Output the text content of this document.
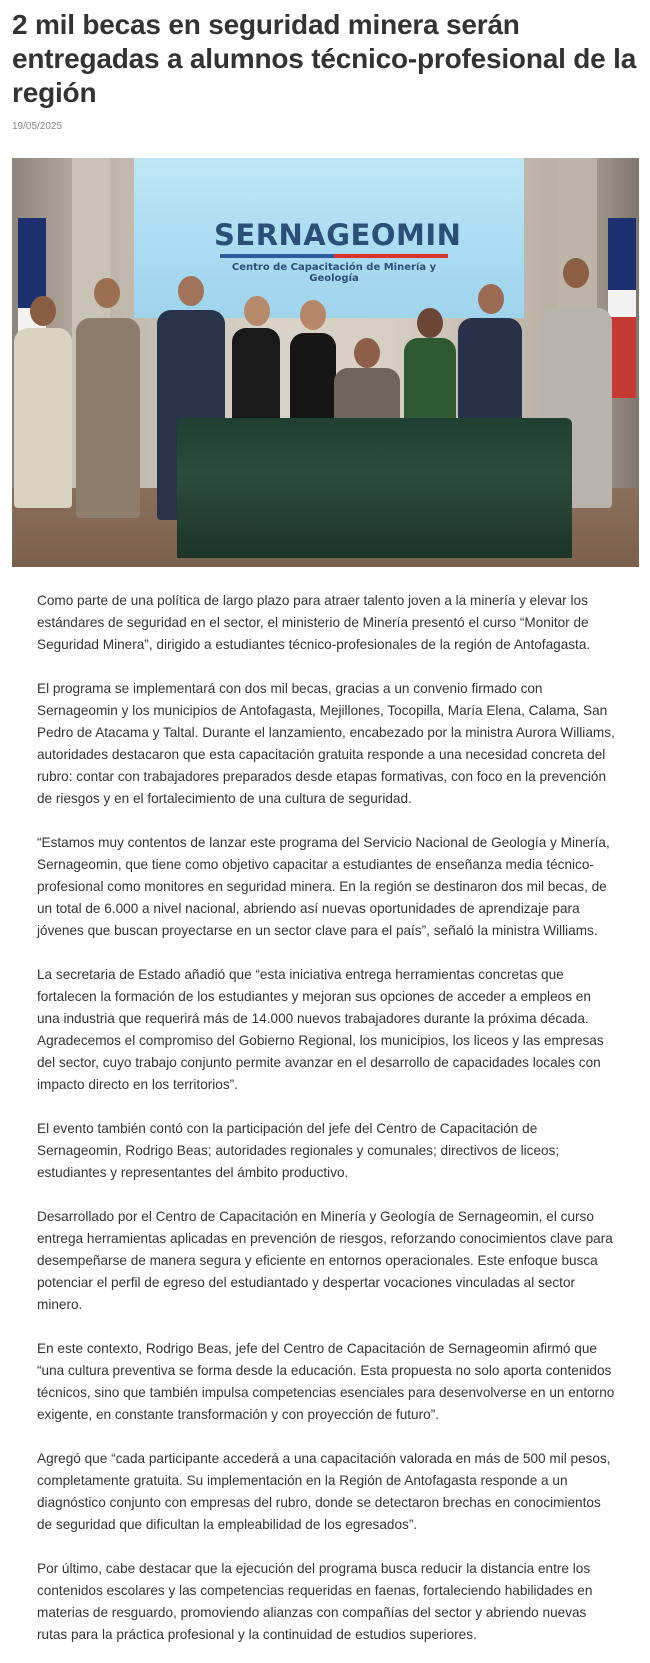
2 mil becas en seguridad minera serán entregadas a alumnos técnico-profesional de la región
19/05/2025
SERNAGEOMIN
Centro de Capacitación de Minería y Geología

Como parte de una política de largo plazo para atraer talento joven a la minería y elevar los estándares de seguridad en el sector, el ministerio de Minería presentó el curso “Monitor de Seguridad Minera”, dirigido a estudiantes técnico-profesionales de la región de Antofagasta.

El programa se implementará con dos mil becas, gracias a un convenio firmado con Sernageomin y los municipios de Antofagasta, Mejillones, Tocopilla, María Elena, Calama, San Pedro de Atacama y Taltal. Durante el lanzamiento, encabezado por la ministra Aurora Williams, autoridades destacaron que esta capacitación gratuita responde a una necesidad concreta del rubro: contar con trabajadores preparados desde etapas formativas, con foco en la prevención de riesgos y en el fortalecimiento de una cultura de seguridad.

“Estamos muy contentos de lanzar este programa del Servicio Nacional de Geología y Minería, Sernageomin, que tiene como objetivo capacitar a estudiantes de enseñanza media técnico-profesional como monitores en seguridad minera. En la región se destinaron dos mil becas, de un total de 6.000 a nivel nacional, abriendo así nuevas oportunidades de aprendizaje para jóvenes que buscan proyectarse en un sector clave para el país”, señaló la ministra Williams.

La secretaria de Estado añadió que “esta iniciativa entrega herramientas concretas que fortalecen la formación de los estudiantes y mejoran sus opciones de acceder a empleos en una industria que requerirá más de 14.000 nuevos trabajadores durante la próxima década. Agradecemos el compromiso del Gobierno Regional, los municipios, los liceos y las empresas del sector, cuyo trabajo conjunto permite avanzar en el desarrollo de capacidades locales con impacto directo en los territorios”.

El evento también contó con la participación del jefe del Centro de Capacitación de Sernageomin, Rodrigo Beas; autoridades regionales y comunales; directivos de liceos; estudiantes y representantes del ámbito productivo.

Desarrollado por el Centro de Capacitación en Minería y Geología de Sernageomin, el curso entrega herramientas aplicadas en prevención de riesgos, reforzando conocimientos clave para desempeñarse de manera segura y eficiente en entornos operacionales. Este enfoque busca potenciar el perfil de egreso del estudiantado y despertar vocaciones vinculadas al sector minero.

En este contexto, Rodrigo Beas, jefe del Centro de Capacitación de Sernageomin afirmó que “una cultura preventiva se forma desde la educación. Esta propuesta no solo aporta contenidos técnicos, sino que también impulsa competencias esenciales para desenvolverse en un entorno exigente, en constante transformación y con proyección de futuro”.

Agregó que “cada participante accederá a una capacitación valorada en más de 500 mil pesos, completamente gratuita. Su implementación en la Región de Antofagasta responde a un diagnóstico conjunto con empresas del rubro, donde se detectaron brechas en conocimientos de seguridad que dificultan la empleabilidad de los egresados”.

Por último, cabe destacar que la ejecución del programa busca reducir la distancia entre los contenidos escolares y las competencias requeridas en faenas, fortaleciendo habilidades en materias de resguardo, promoviendo alianzas con compañías del sector y abriendo nuevas rutas para la práctica profesional y la continuidad de estudios superiores.
